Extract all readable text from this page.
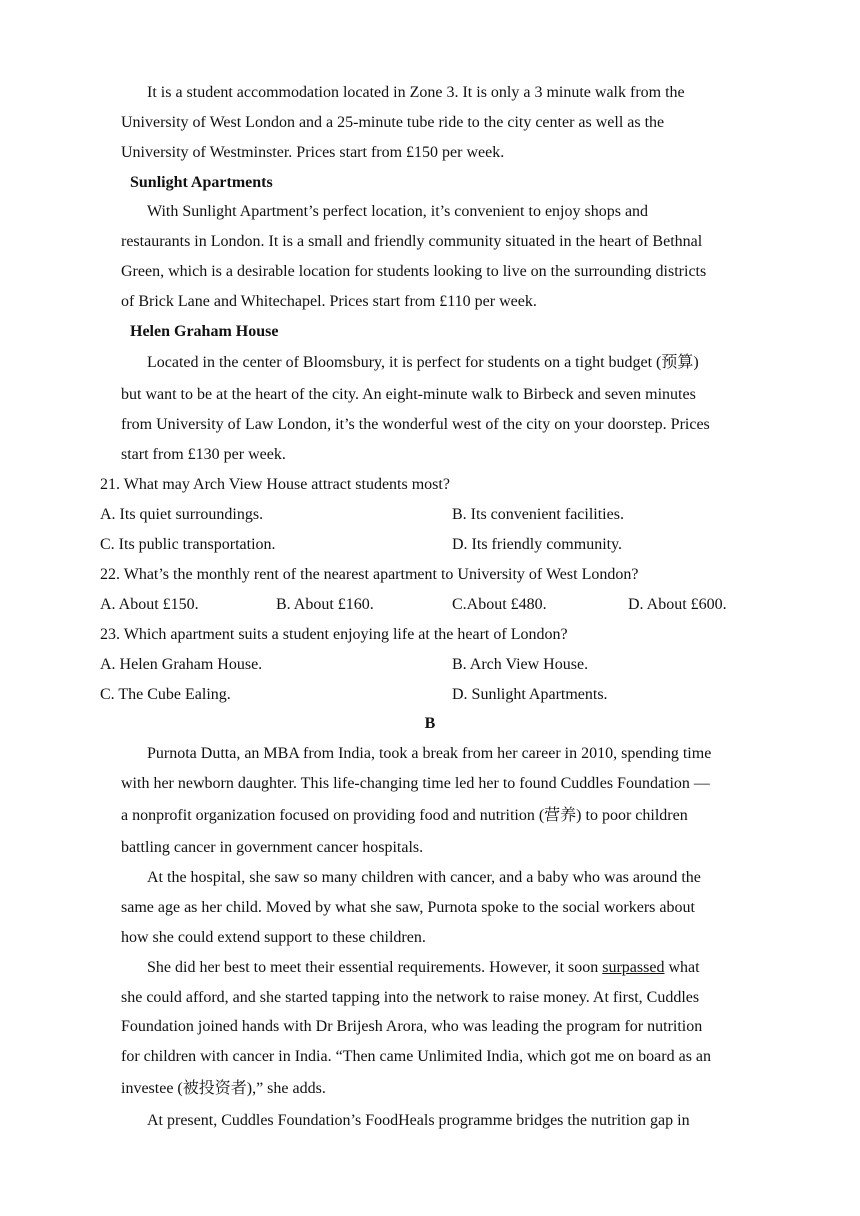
It is a student accommodation located in Zone 3. It is only a 3 minute walk from the
University of West London and a 25-minute tube ride to the city center as well as the
University of Westminster. Prices start from £150 per week.
Sunlight Apartments
With Sunlight Apartment’s perfect location, it’s convenient to enjoy shops and
restaurants in London. It is a small and friendly community situated in the heart of Bethnal
Green, which is a desirable location for students looking to live on the surrounding districts
of Brick Lane and Whitechapel. Prices start from £110 per week.
Helen Graham House
Located in the center of Bloomsbury, it is perfect for students on a tight budget (预算)
but want to be at the heart of the city. An eight-minute walk to Birbeck and seven minutes
from University of Law London, it’s the wonderful west of the city on your doorstep. Prices
start from £130 per week.
21. What may Arch View House attract students most?
A. Its quiet surroundings.	B. Its convenient facilities.
C. Its public transportation.	D. Its friendly community.
22. What’s the monthly rent of the nearest apartment to University of West London?
A. About £150.	B. About £160.	C.About £480.	D. About £600.
23. Which apartment suits a student enjoying life at the heart of London?
A. Helen Graham House.	B. Arch View House.
C. The Cube Ealing.	D. Sunlight Apartments.
B
Purnota Dutta, an MBA from India, took a break from her career in 2010, spending time
with her newborn daughter. This life-changing time led her to found Cuddles Foundation —
a nonprofit organization focused on providing food and nutrition (营养) to poor children
battling cancer in government cancer hospitals.
At the hospital, she saw so many children with cancer, and a baby who was around the
same age as her child. Moved by what she saw, Purnota spoke to the social workers about
how she could extend support to these children.
She did her best to meet their essential requirements. However, it soon surpassed what
she could afford, and she started tapping into the network to raise money. At first, Cuddles
Foundation joined hands with Dr Brijesh Arora, who was leading the program for nutrition
for children with cancer in India. “Then came Unlimited India, which got me on board as an
investee (被投资者),” she adds.
At present, Cuddles Foundation’s FoodHeals programme bridges the nutrition gap in
